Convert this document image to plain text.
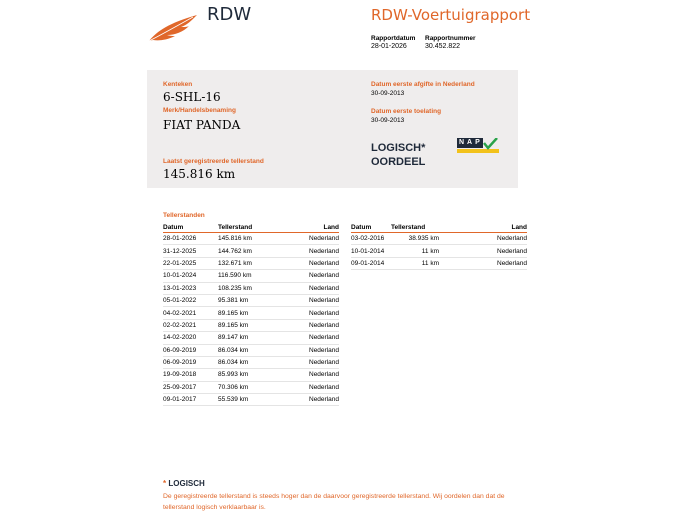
RDW	RDW-Voertuigrapport
Rapportdatum
28-01-2026
Rapportnummer
30.452.822
Kenteken
6-SHL-16
Merk/Handelsbenaming
FIAT PANDA
Laatst geregistreerde tellerstand
145.816 km
Datum eerste afgifte in Nederland
30-09-2013
Datum eerste toelating
30-09-2013
LOGISCH*
OORDEEL
NAP
Tellerstanden
Datum	Tellerstand	Land
28-01-2026	145.816 km	Nederland
31-12-2025	144.762 km	Nederland
22-01-2025	132.671 km	Nederland
10-01-2024	116.590 km	Nederland
13-01-2023	108.235 km	Nederland
05-01-2022	95.381 km	Nederland
04-02-2021	89.165 km	Nederland
02-02-2021	89.165 km	Nederland
14-02-2020	89.147 km	Nederland
06-09-2019	86.034 km	Nederland
06-09-2019	86.034 km	Nederland
19-09-2018	85.993 km	Nederland
25-09-2017	70.306 km	Nederland
09-01-2017	55.539 km	Nederland
Datum	Tellerstand	Land
03-02-2016	38.935 km	Nederland
10-01-2014	11 km	Nederland
09-01-2014	11 km	Nederland
* LOGISCH
De geregistreerde tellerstand is steeds hoger dan de daarvoor geregistreerde tellerstand. Wij oordelen dan dat de tellerstand logisch verklaarbaar is.
